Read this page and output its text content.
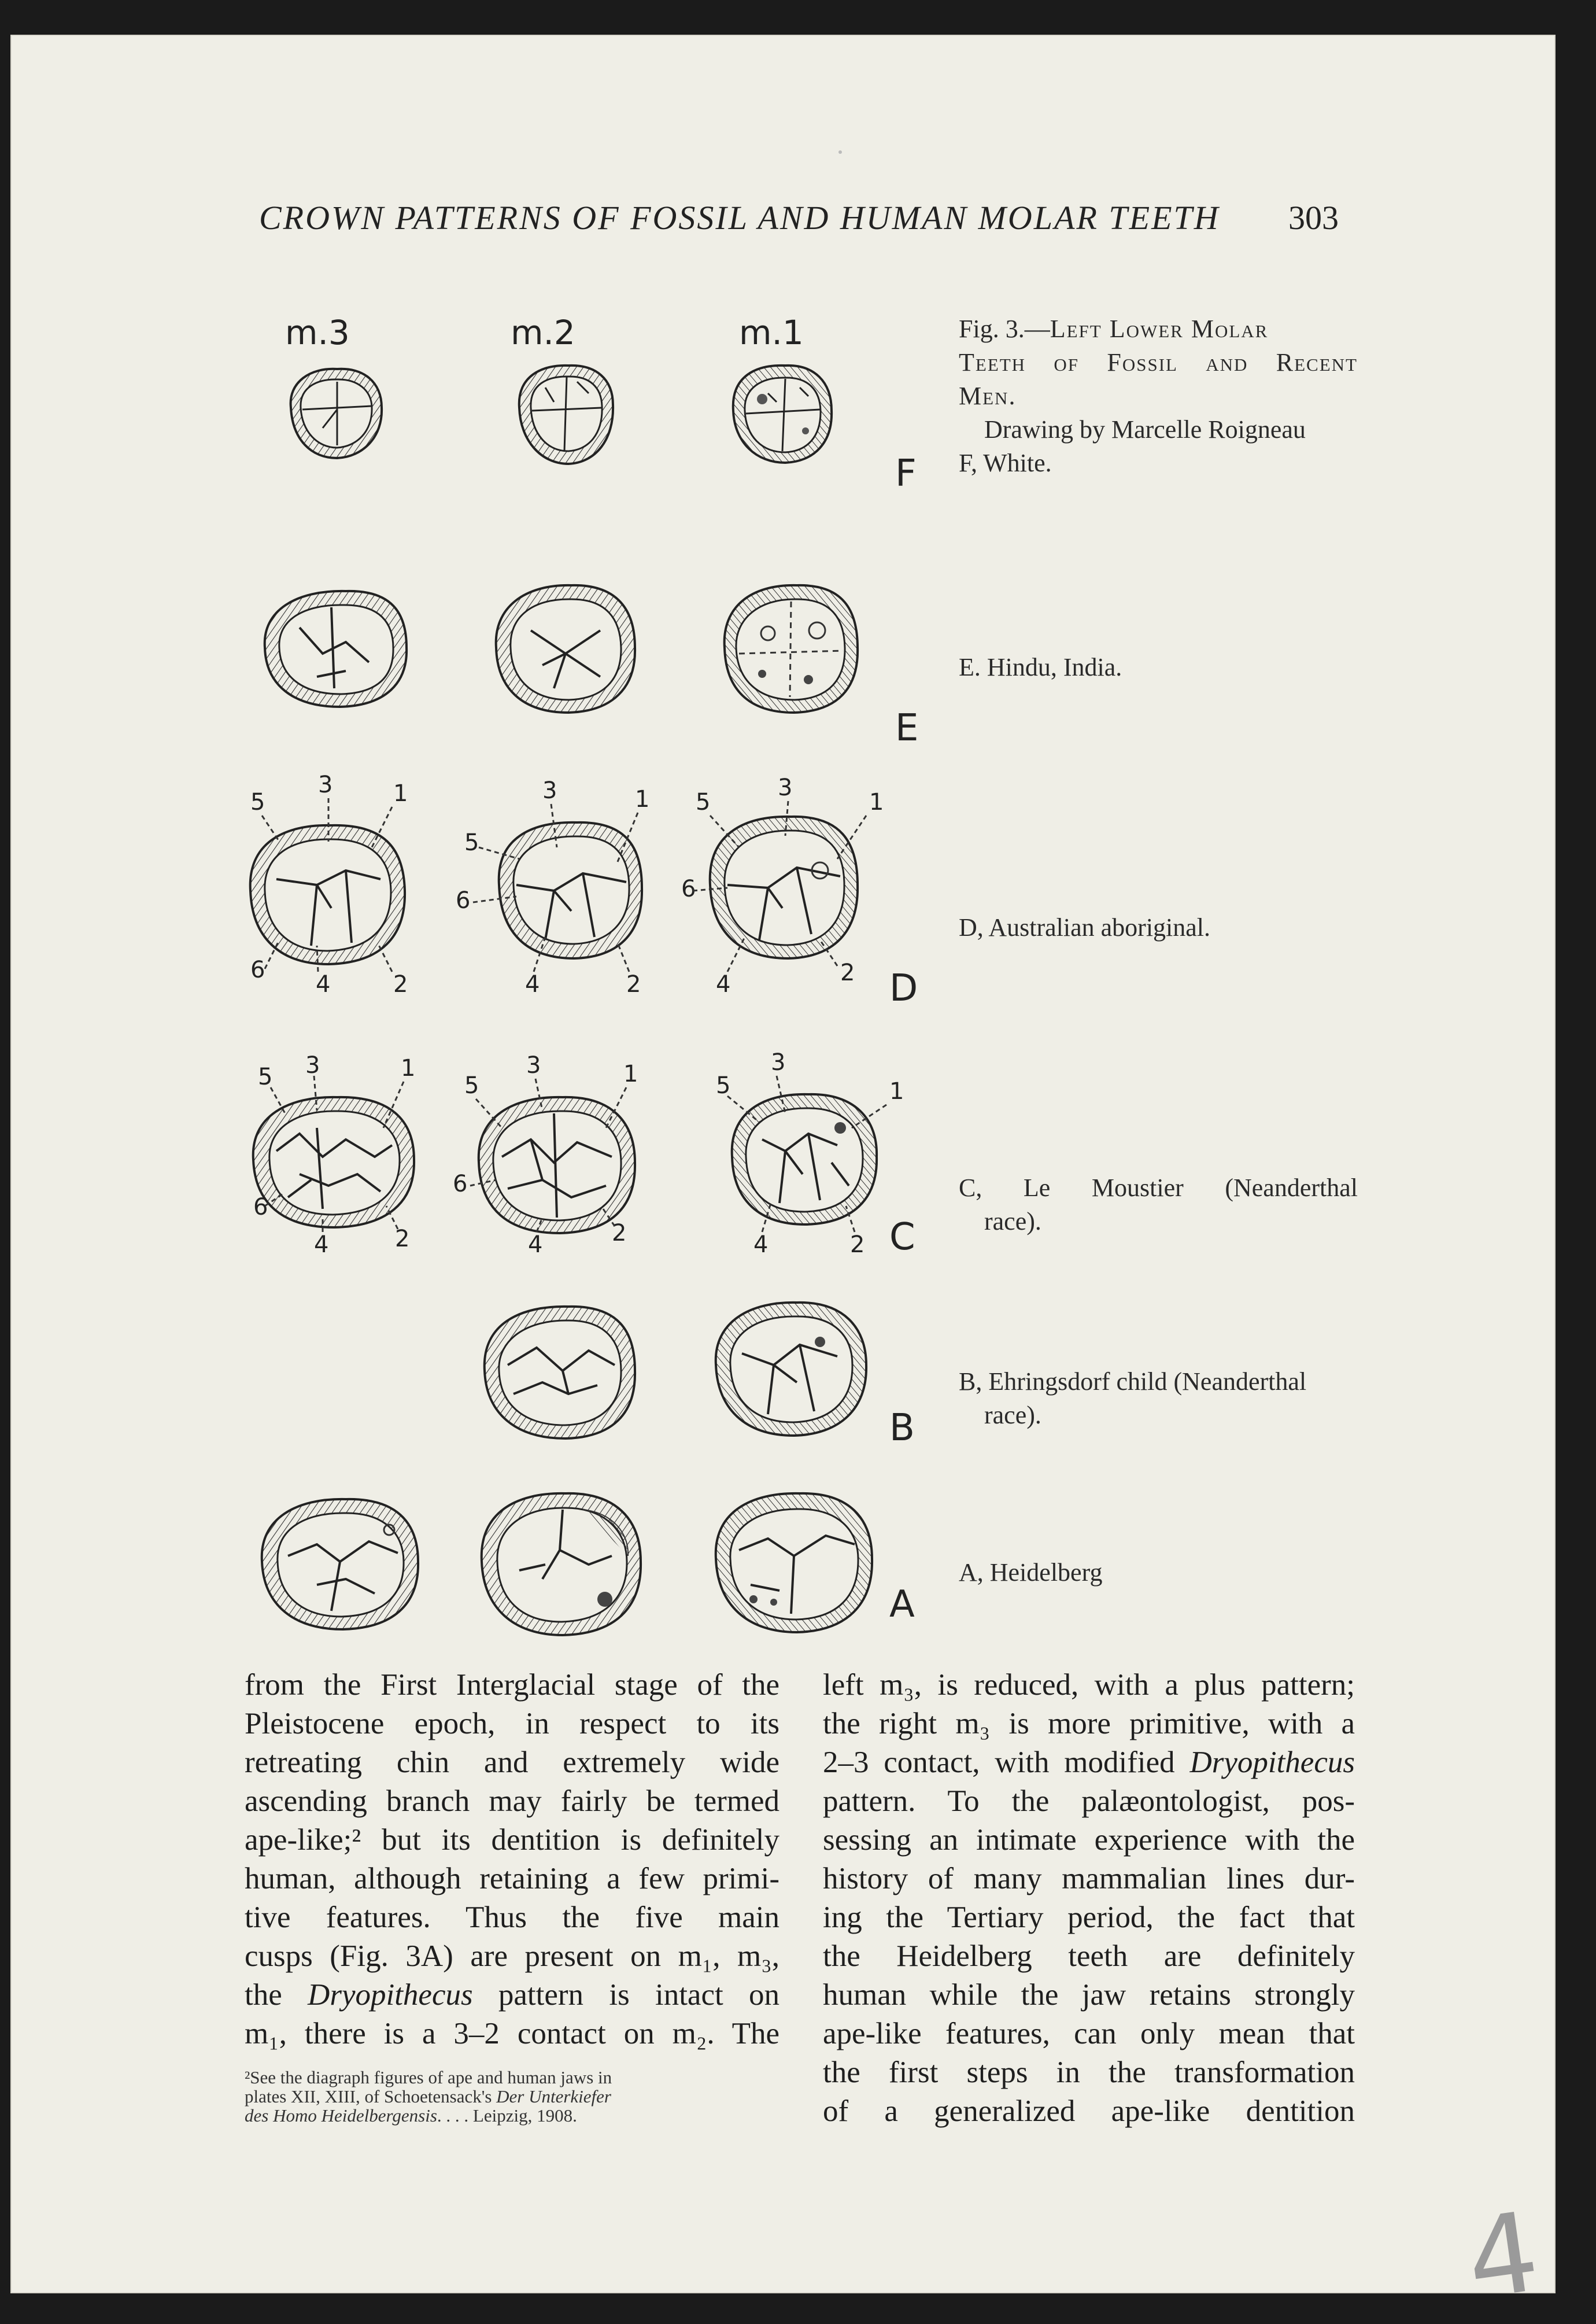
CROWN PATTERNS OF FOSSIL AND HUMAN MOLAR TEETH	303
m.3	m.2	m.1
F
E
5
3	1
6
4	2
3	1
5
6
4	2
5
3
1
6
4	2 D
5 3	1
6
4	2
5
3	1
6
4	2
3
5	1
4	2 C
B
A
Fig. 3.—Left Lower Molar
Teeth of Fossil and Recent
Men.
Drawing by Marcelle Roigneau
F, White.
E. Hindu, India.
D, Australian aboriginal.
C, Le Moustier (Neanderthal
race).
B, Ehringsdorf child (Neanderthal
race).
A, Heidelberg
from the First Interglacial stage of the
Pleistocene epoch, in respect to its
retreating chin and extremely wide
ascending branch may fairly be termed
ape-like;² but its dentition is definitely
human, although retaining a few primi-
tive features. Thus the five main
cusps (Fig. 3A) are present on m₁, m₃,
the Dryopithecus pattern is intact on
m₁, there is a 3–2 contact on m₂. The
left m₃, is reduced, with a plus pattern;
the right m₃ is more primitive, with a
2–3 contact, with modified Dryopithecus
pattern. To the palæontologist, pos-
sessing an intimate experience with the
history of many mammalian lines dur-
ing the Tertiary period, the fact that
the Heidelberg teeth are definitely
human while the jaw retains strongly
ape-like features, can only mean that
the first steps in the transformation
of a generalized ape-like dentition
²See the diagraph figures of ape and human jaws in
plates XII, XIII, of Schoetensack's Der Unterkiefer
des Homo Heidelbergensis. . . . Leipzig, 1908.
4
